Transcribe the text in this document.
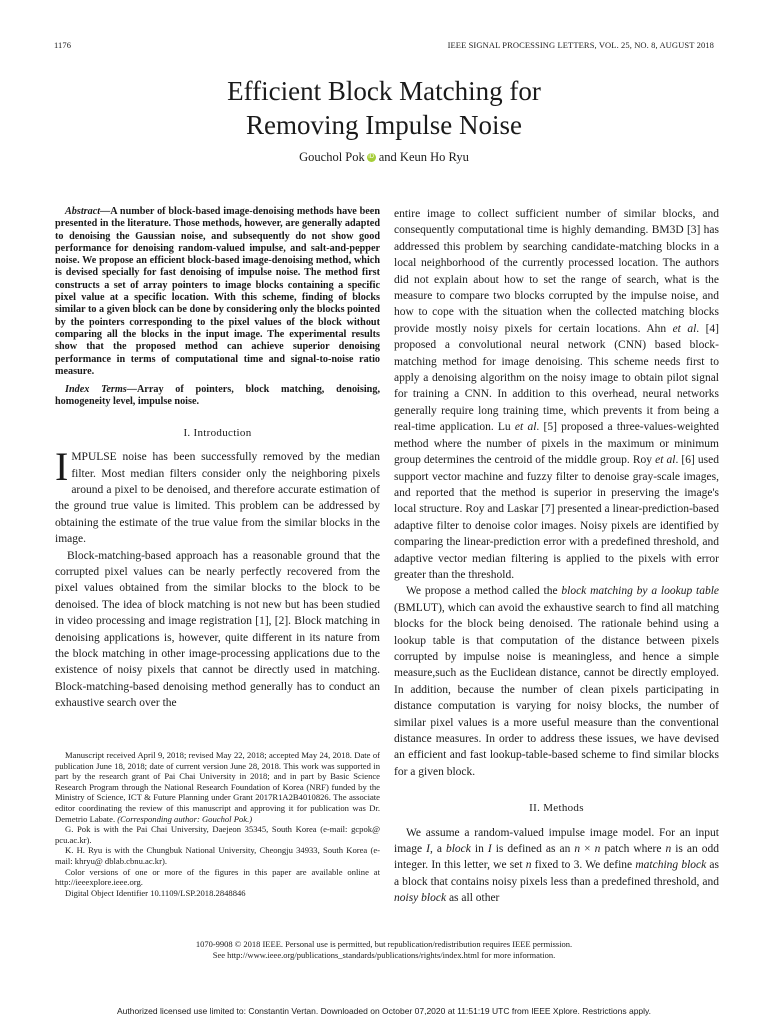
1176	IEEE SIGNAL PROCESSING LETTERS, VOL. 25, NO. 8, AUGUST 2018
Efficient Block Matching for
Removing Impulse Noise
Gouchol Pok iD and Keun Ho Ryu

Abstract—A number of block-based image-denoising methods have been presented in the literature. Those methods, however, are generally adapted to denoising the Gaussian noise, and subsequently do not show good performance for denoising random-valued impulse, and salt-and-pepper noise. We propose an efficient block-based image-denoising method, which is devised specially for fast denoising of impulse noise. The method first constructs a set of array pointers to image blocks containing a specific pixel value at a specific location. With this scheme, finding of blocks similar to a given block can be done by considering only the blocks pointed by the pointers corresponding to the pixel values of the block without comparing all the blocks in the input image. The experimental results show that the proposed method can achieve superior denoising performance in terms of computational time and signal-to-noise ratio measure.

Index Terms—Array of pointers, block matching, denoising, homogeneity level, impulse noise.

I. Introduction

IMPULSE noise has been successfully removed by the median filter. Most median filters consider only the neighboring pixels around a pixel to be denoised, and therefore accurate estimation of the ground true value is limited. This problem can be addressed by obtaining the estimate of the true value from the similar blocks in the image.

Block-matching-based approach has a reasonable ground that the corrupted pixel values can be nearly perfectly recovered from the pixel values obtained from the similar blocks to the block to be denoised. The idea of block matching is not new but has been studied in video processing and image registration [1], [2]. Block matching in denoising applications is, however, quite different in its nature from the block matching in other image-processing applications due to the existence of noisy pixels that cannot be directly used in matching. Block-matching-based denoising method generally has to conduct an exhaustive search over the

Manuscript received April 9, 2018; revised May 22, 2018; accepted May 24, 2018. Date of publication June 18, 2018; date of current version June 28, 2018. This work was supported in part by the research grant of Pai Chai University in 2018; and in part by Basic Science Research Program through the National Research Foundation of Korea (NRF) funded by the Ministry of Science, ICT & Future Planning under Grant 2017R1A2B4010826. The associate editor coordinating the review of this manuscript and approving it for publication was Dr. Demetrio Labate. (Corresponding author: Gouchol Pok.)

G. Pok is with the Pai Chai University, Daejeon 35345, South Korea (e-mail: gcpok@ pcu.ac.kr).

K. H. Ryu is with the Chungbuk National University, Cheongju 34933, South Korea (e-mail: khryu@ dblab.cbnu.ac.kr).

Color versions of one or more of the figures in this paper are available online at http://ieeexplore.ieee.org.

Digital Object Identifier 10.1109/LSP.2018.2848846

entire image to collect sufficient number of similar blocks, and consequently computational time is highly demanding. BM3D [3] has addressed this problem by searching candidate-matching blocks in a local neighborhood of the currently processed location. The authors did not explain about how to set the range of search, what is the measure to compare two blocks corrupted by the impulse noise, and how to cope with the situation when the collected matching blocks provide mostly noisy pixels for certain locations. Ahn et al. [4] proposed a convolutional neural network (CNN) based block-matching method for image denoising. This scheme needs first to apply a denoising algorithm on the noisy image to obtain pilot signal for training a CNN. In addition to this overhead, neural networks generally require long training time, which prevents it from being a real-time application. Lu et al. [5] proposed a three-values-weighted method where the number of pixels in the maximum or minimum group determines the centroid of the middle group. Roy et al. [6] used support vector machine and fuzzy filter to denoise gray-scale images, and reported that the method is superior in preserving the image's local structure. Roy and Laskar [7] presented a linear-prediction-based adaptive filter to denoise color images. Noisy pixels are identified by comparing the linear-prediction error with a predefined threshold, and adaptive vector median filtering is applied to the pixels with error greater than the threshold.

We propose a method called the block matching by a lookup table (BMLUT), which can avoid the exhaustive search to find all matching blocks for the block being denoised. The rationale behind using a lookup table is that computation of the distance between pixels corrupted by impulse noise is meaningless, and hence a simple measure,such as the Euclidean distance, cannot be directly employed. In addition, because the number of clean pixels participating in distance computation is varying for noisy blocks, the number of similar pixel values is a more useful measure than the conventional distance measures. In order to address these issues, we have devised an efficient and fast lookup-table-based scheme to find similar blocks for a given block.

II. Methods

We assume a random-valued impulse image model. For an input image I, a block in I is defined as an n × n patch where n is an odd integer. In this letter, we set n fixed to 3. We define matching block as a block that contains noisy pixels less than a predefined threshold, and noisy block as all other

1070-9908 © 2018 IEEE. Personal use is permitted, but republication/redistribution requires IEEE permission.
See http://www.ieee.org/publications_standards/publications/rights/index.html for more information.
Authorized licensed use limited to: Constantin Vertan. Downloaded on October 07,2020 at 11:51:19 UTC from IEEE Xplore. Restrictions apply.
